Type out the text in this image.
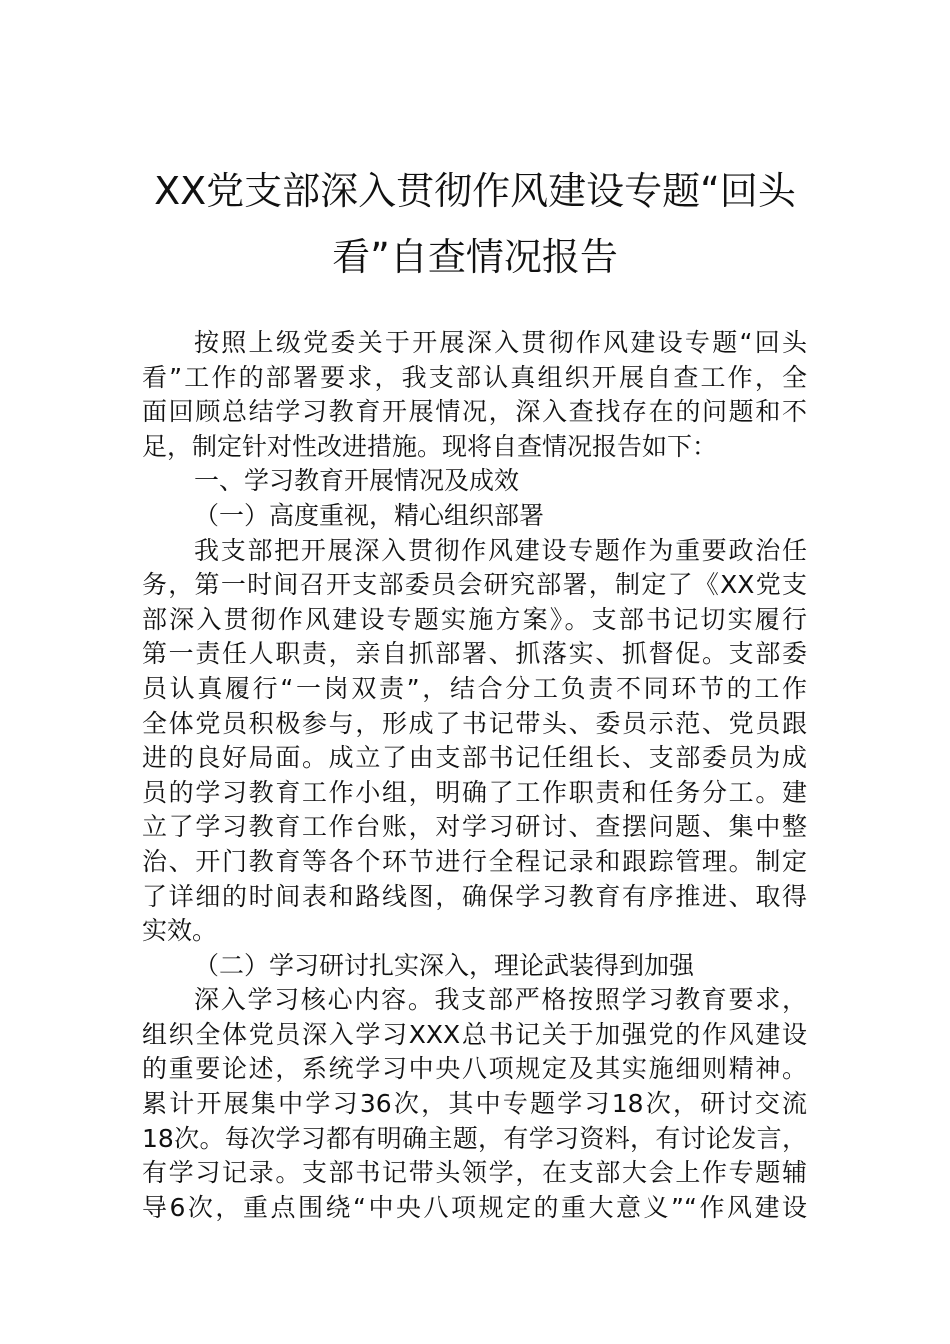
XX党支部深入贯彻作风建设专题“回头
看”自查情况报告
按照上级党委关于开展深入贯彻作风建设专题“回头
看”工作的部署要求，我支部认真组织开展自查工作，全
面回顾总结学习教育开展情况，深入查找存在的问题和不
足，制定针对性改进措施。现将自查情况报告如下：
一、学习教育开展情况及成效
（一）高度重视，精心组织部署
我支部把开展深入贯彻作风建设专题作为重要政治任
务，第一时间召开支部委员会研究部署，制定了《XX党支
部深入贯彻作风建设专题实施方案》。支部书记切实履行
第一责任人职责，亲自抓部署、抓落实、抓督促。支部委
员认真履行“一岗双责”，结合分工负责不同环节的工作
全体党员积极参与，形成了书记带头、委员示范、党员跟
进的良好局面。成立了由支部书记任组长、支部委员为成
员的学习教育工作小组，明确了工作职责和任务分工。建
立了学习教育工作台账，对学习研讨、查摆问题、集中整
治、开门教育等各个环节进行全程记录和跟踪管理。制定
了详细的时间表和路线图，确保学习教育有序推进、取得
实效。
（二）学习研讨扎实深入，理论武装得到加强
深入学习核心内容。我支部严格按照学习教育要求，
组织全体党员深入学习XXX总书记关于加强党的作风建设
的重要论述，系统学习中央八项规定及其实施细则精神。
累计开展集中学习36次，其中专题学习18次，研讨交流
18次。每次学习都有明确主题，有学习资料，有讨论发言，
有学习记录。支部书记带头领学，在支部大会上作专题辅
导6次，重点围绕“中央八项规定的重大意义”“作风建设
